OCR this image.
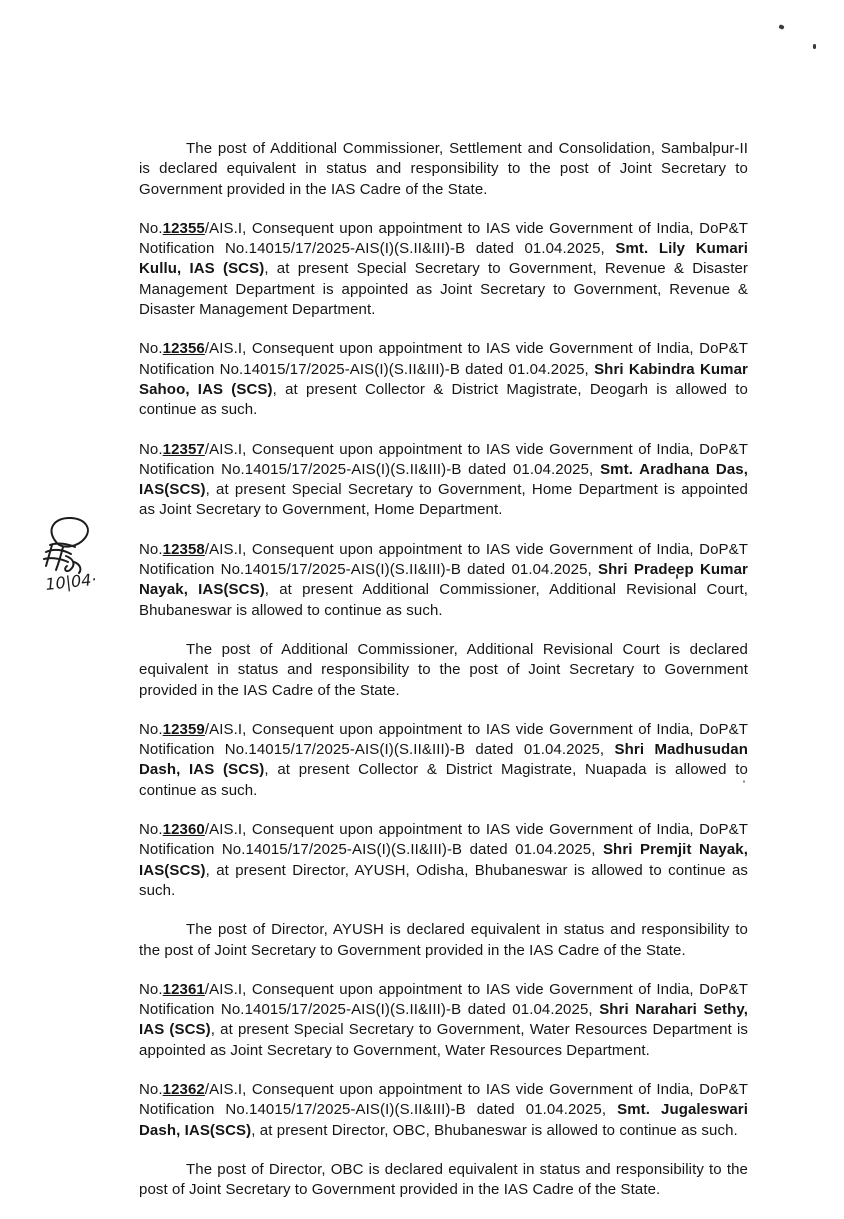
10|04·

The post of Additional Commissioner, Settlement and Consolidation, Sambalpur-II is declared equivalent in status and responsibility to the post of Joint Secretary to Government provided in the IAS Cadre of the State.

No.12355/AIS.I, Consequent upon appointment to IAS vide Government of India, DoP&T Notification No.14015/17/2025-AIS(I)(S.II&III)-B dated 01.04.2025, Smt. Lily Kumari Kullu, IAS (SCS), at present Special Secretary to Government, Revenue & Disaster Management Department is appointed as Joint Secretary to Government, Revenue & Disaster Management Department.

No.12356/AIS.I, Consequent upon appointment to IAS vide Government of India, DoP&T Notification No.14015/17/2025-AIS(I)(S.II&III)-B dated 01.04.2025, Shri Kabindra Kumar Sahoo, IAS (SCS), at present Collector & District Magistrate, Deogarh is allowed to continue as such.

No.12357/AIS.I, Consequent upon appointment to IAS vide Government of India, DoP&T Notification No.14015/17/2025-AIS(I)(S.II&III)-B dated 01.04.2025, Smt. Aradhana Das, IAS(SCS), at present Special Secretary to Government, Home Department is appointed as Joint Secretary to Government, Home Department.

No.12358/AIS.I, Consequent upon appointment to IAS vide Government of India, DoP&T Notification No.14015/17/2025-AIS(I)(S.II&III)-B dated 01.04.2025, Shri Pradeep Kumar Nayak, IAS(SCS), at present Additional Commissioner, Additional Revisional Court, Bhubaneswar is allowed to continue as such.

The post of Additional Commissioner, Additional Revisional Court is declared equivalent in status and responsibility to the post of Joint Secretary to Government provided in the IAS Cadre of the State.

No.12359/AIS.I, Consequent upon appointment to IAS vide Government of India, DoP&T Notification No.14015/17/2025-AIS(I)(S.II&III)-B dated 01.04.2025, Shri Madhusudan Dash, IAS (SCS), at present Collector & District Magistrate, Nuapada is allowed to continue as such.

No.12360/AIS.I, Consequent upon appointment to IAS vide Government of India, DoP&T Notification No.14015/17/2025-AIS(I)(S.II&III)-B dated 01.04.2025, Shri Premjit Nayak, IAS(SCS), at present Director, AYUSH, Odisha, Bhubaneswar is allowed to continue as such.

The post of Director, AYUSH is declared equivalent in status and responsibility to the post of Joint Secretary to Government provided in the IAS Cadre of the State.

No.12361/AIS.I, Consequent upon appointment to IAS vide Government of India, DoP&T Notification No.14015/17/2025-AIS(I)(S.II&III)-B dated 01.04.2025, Shri Narahari Sethy, IAS (SCS), at present Special Secretary to Government, Water Resources Department is appointed as Joint Secretary to Government, Water Resources Department.

No.12362/AIS.I, Consequent upon appointment to IAS vide Government of India, DoP&T Notification No.14015/17/2025-AIS(I)(S.II&III)-B dated 01.04.2025, Smt. Jugaleswari Dash, IAS(SCS), at present Director, OBC, Bhubaneswar is allowed to continue as such.

The post of Director, OBC is declared equivalent in status and responsibility to the post of Joint Secretary to Government provided in the IAS Cadre of the State.
